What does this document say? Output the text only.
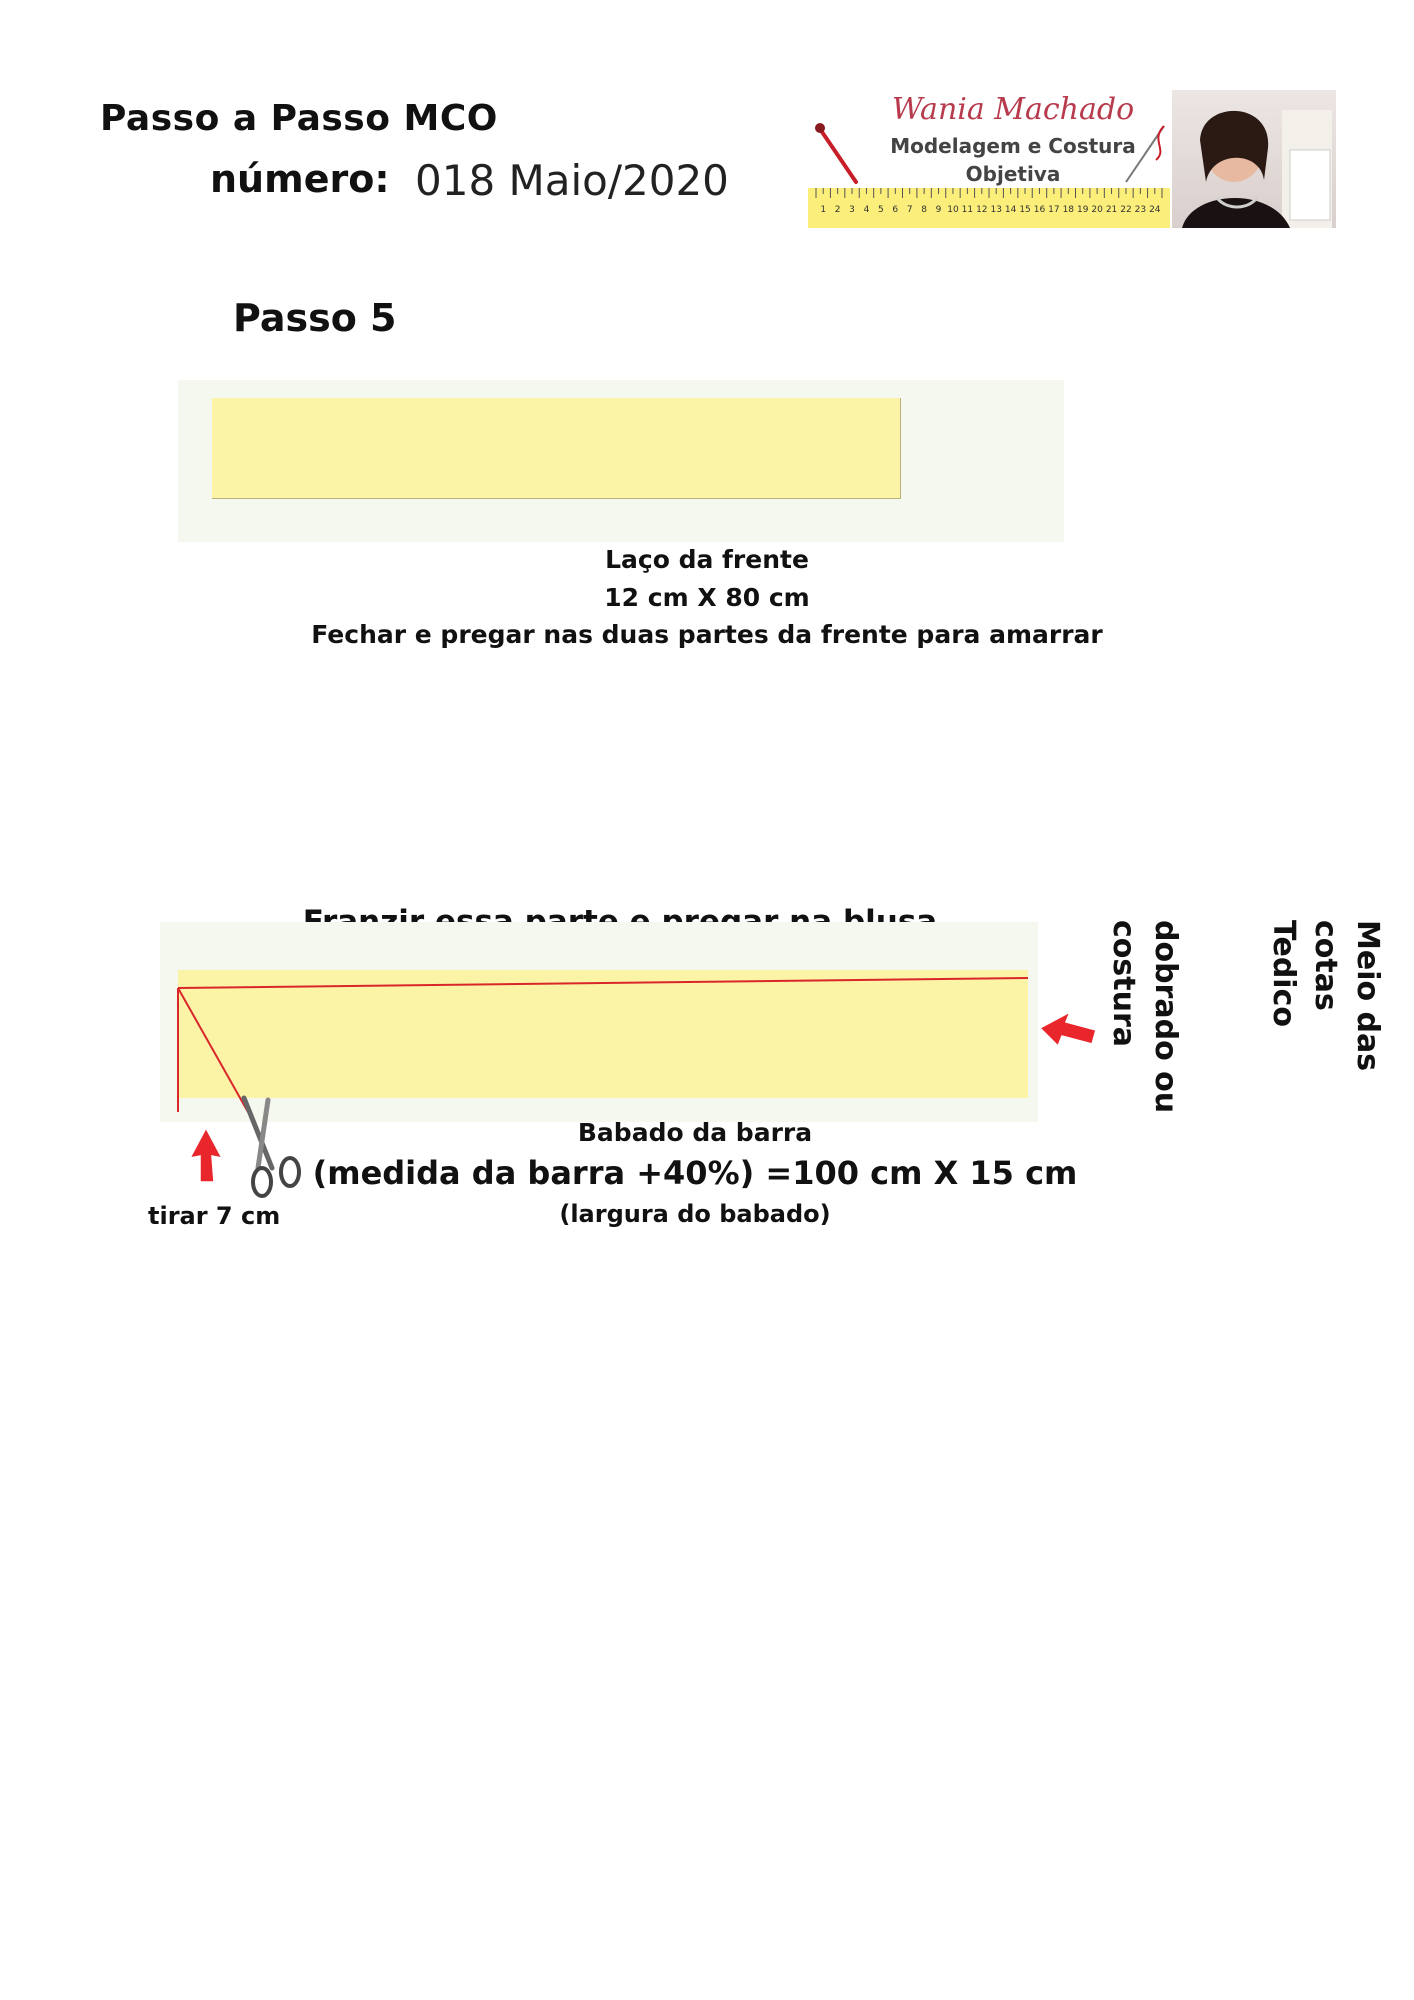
Passo a Passo MCO
número: 018 Maio/2020
Wania Machado
Modelagem e Costura
Objetiva
1 2 3 4 5 6 7 8 9 10 11 12 13 14 15 16 17 18 19 20 21 22 23 24
Passo 5
Laço da frente
12 cm X 80 cm
Fechar e pregar nas duas partes da frente para amarrar
Meio das
cotas
Tedico
dobrado ou
costura
Babado da barra
(medida da barra +40%) =100 cm X 15 cm
(largura do babado)
tirar 7 cm
